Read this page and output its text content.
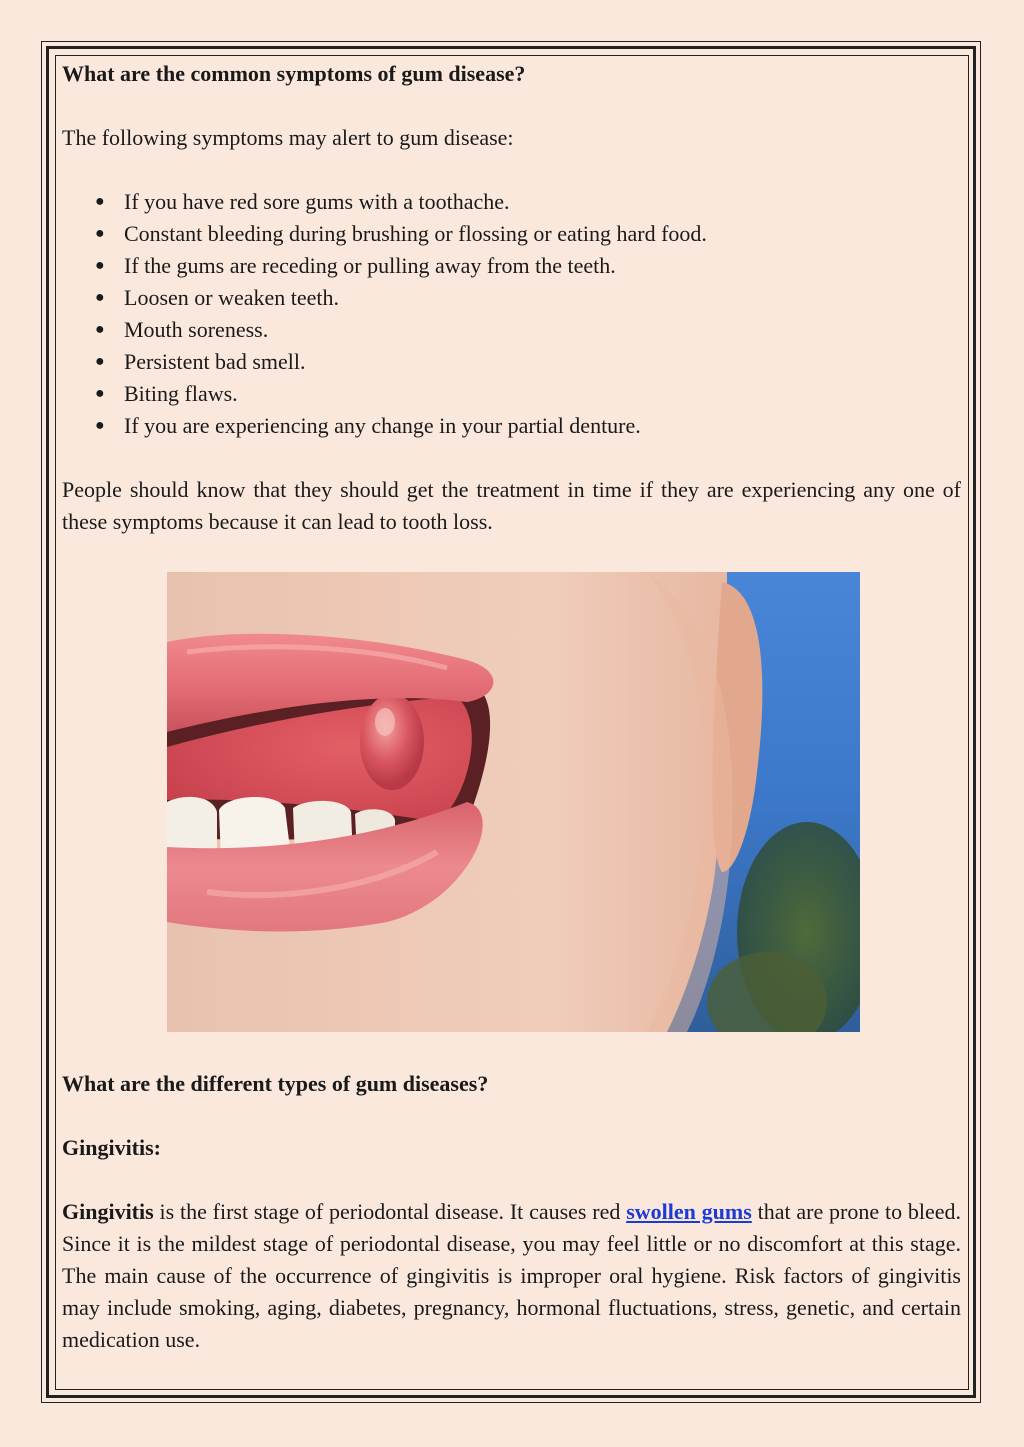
What are the common symptoms of gum disease?

The following symptoms may alert to gum disease:

● If you have red sore gums with a toothache.
● Constant bleeding during brushing or flossing or eating hard food.
● If the gums are receding or pulling away from the teeth.
● Loosen or weaken teeth.
● Mouth soreness.
● Persistent bad smell.
● Biting flaws.
● If you are experiencing any change in your partial denture.

People should know that they should get the treatment in time if they are experiencing any one of these symptoms because it can lead to tooth loss.

What are the different types of gum diseases?

Gingivitis:

Gingivitis is the first stage of periodontal disease. It causes red swollen gums that are prone to bleed. Since it is the mildest stage of periodontal disease, you may feel little or no discomfort at this stage. The main cause of the occurrence of gingivitis is improper oral hygiene. Risk factors of gingivitis may include smoking, aging, diabetes, pregnancy, hormonal fluctuations, stress, genetic, and certain medication use.
